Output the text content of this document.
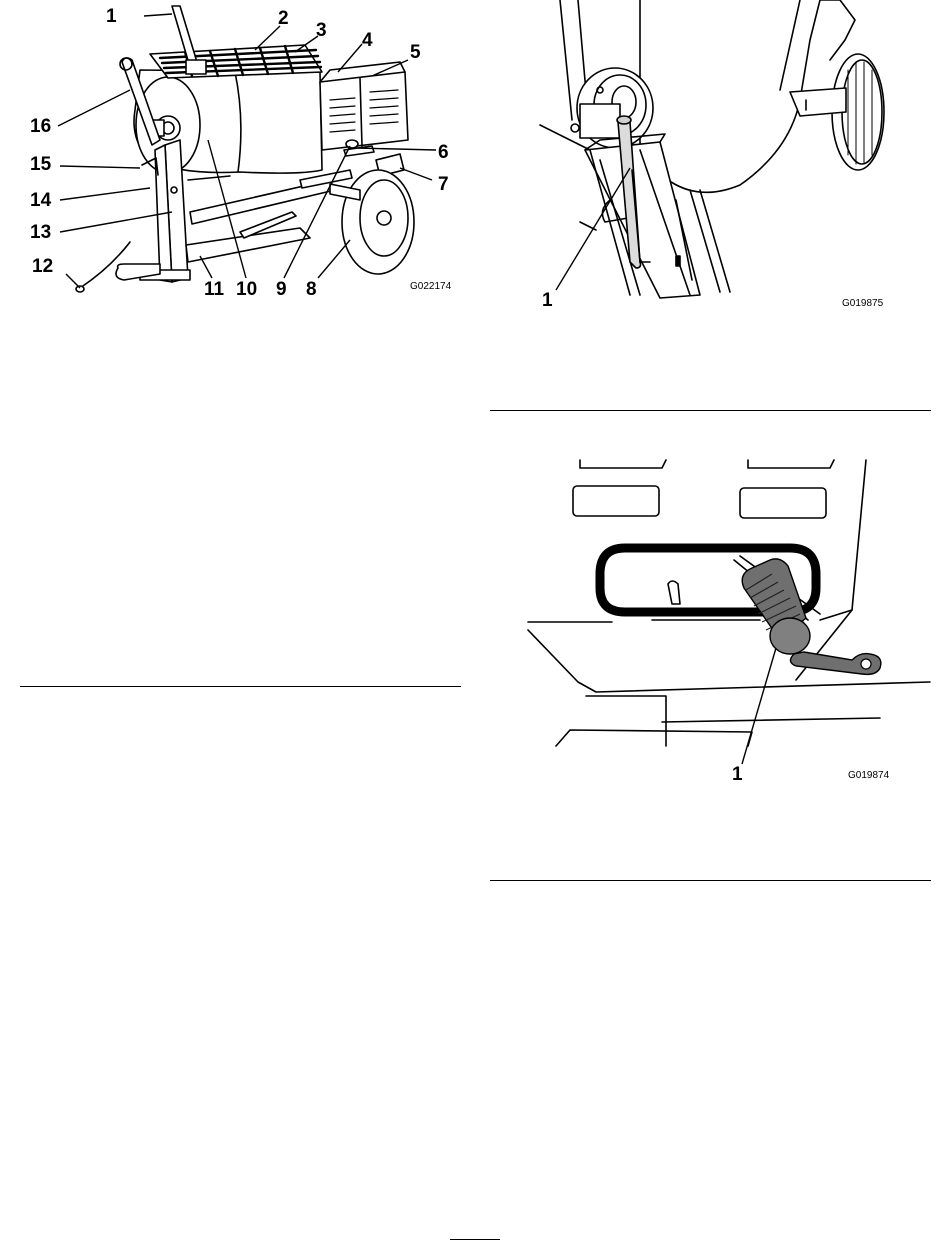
1	2
3 4
5
6
7
8
9
10
11
12
13
14
15
16
G022174
1	G019875
1	G019874
